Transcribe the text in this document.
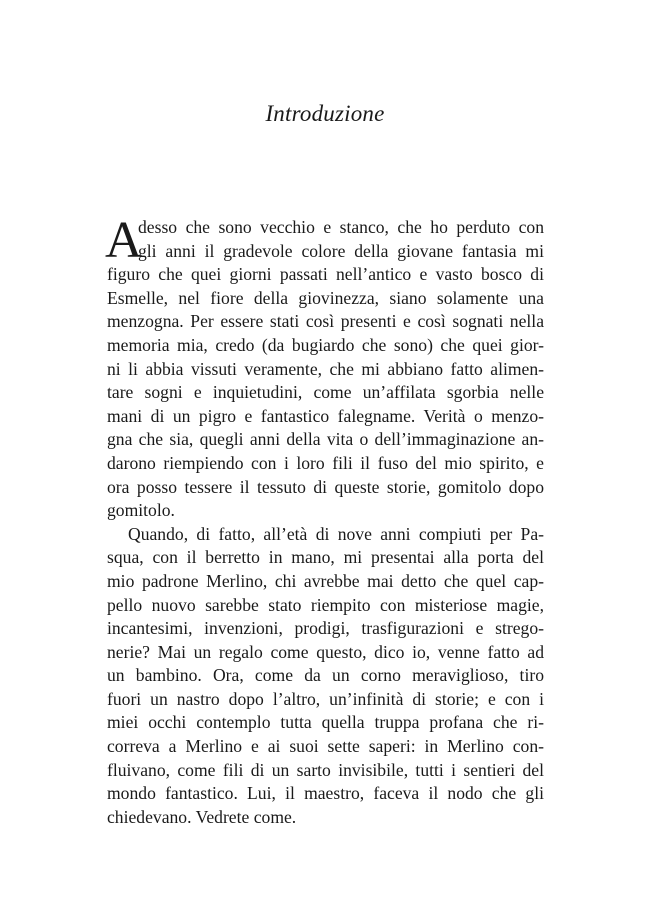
Introduzione
A
desso che sono vecchio e stanco, che ho perduto con
gli anni il gradevole colore della giovane fantasia mi
figuro che quei giorni passati nell’antico e vasto bosco di
Esmelle, nel fiore della giovinezza, siano solamente una
menzogna. Per essere stati così presenti e così sognati nella
memoria mia, credo (da bugiardo che sono) che quei gior-
ni li abbia vissuti veramente, che mi abbiano fatto alimen-
tare sogni e inquietudini, come un’affilata sgorbia nelle
mani di un pigro e fantastico falegname. Verità o menzo-
gna che sia, quegli anni della vita o dell’immaginazione an-
darono riempiendo con i loro fili il fuso del mio spirito, e
ora posso tessere il tessuto di queste storie, gomitolo dopo
gomitolo.
Quando, di fatto, all’età di nove anni compiuti per Pa-
squa, con il berretto in mano, mi presentai alla porta del
mio padrone Merlino, chi avrebbe mai detto che quel cap-
pello nuovo sarebbe stato riempito con misteriose magie,
incantesimi, invenzioni, prodigi, trasfigurazioni e strego-
nerie? Mai un regalo come questo, dico io, venne fatto ad
un bambino. Ora, come da un corno meraviglioso, tiro
fuori un nastro dopo l’altro, un’infinità di storie; e con i
miei occhi contemplo tutta quella truppa profana che ri-
correva a Merlino e ai suoi sette saperi: in Merlino con-
fluivano, come fili di un sarto invisibile, tutti i sentieri del
mondo fantastico. Lui, il maestro, faceva il nodo che gli
chiedevano. Vedrete come.
